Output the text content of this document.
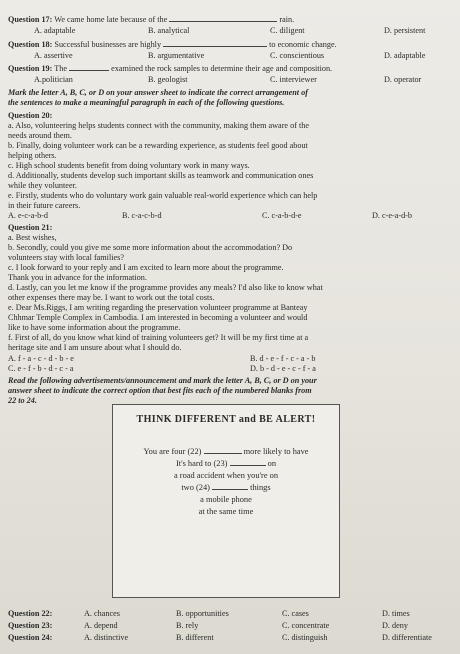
Question 17: We came home late because of the	rain.
A. adaptable	B. analytical	C. diligent	D. persistent
Question 18: Successful businesses are highly	to economic change.
A. assertive	B. argumentative	C. conscientious	D. adaptable
Question 19: The	examined the rock samples to determine their age and composition.
A.politician	B. geologist	C. interviewer	D. operator
Mark the letter A, B, C, or D on your answer sheet to indicate the correct arrangement of
the sentences to make a meaningful paragraph in each of the following questions.
Question 20:
a. Also, volunteering helps students connect with the community, making them aware of the
needs around them.
b. Finally, doing volunteer work can be a rewarding experience, as students feel good about
helping others.
c. High school students benefit from doing voluntary work in many ways.
d. Additionally, students develop such important skills as teamwork and communication ones
while they volunteer.
e. Firstly, students who do voluntary work gain valuable real-world experience which can help
in their future careers.
A. e-c-a-b-d	B. c-a-c-b-d	C. c-a-b-d-e	D. c-e-a-d-b
Question 21:
a. Best wishes,
b. Secondly, could you give me some more information about the accommodation? Do
volunteers stay with local families?
c. I look forward to your reply and I am excited to learn more about the programme.
Thank you in advance for the information.
d. Lastly, can you let me know if the programme provides any meals? I'd also like to know what
other expenses there may be. I want to work out the total costs.
e. Dear Ms.Riggs, I am writing regarding the preservation volunteer programme at Banteay
Chhmar Temple Complex in Cambodia. I am interested in becoming a volunteer and would
like to have some information about the programme.
f. First of all, do you know what kind of training volunteers get? It will be my first time at a
heritage site and I am unsure about what I should do.
A. f - a - c - d - b - e	B. d - e - f - c - a - b
C. e - f - b - d - c - a	D. b - d - e - c - f - a
Read the following advertisements/announcement and mark the letter A, B, C, or D on your
answer sheet to indicate the correct option that best fits each of the numbered blanks from
22 to 24.
THINK DIFFERENT and BE ALERT!
You are four (22)	more likely to have
It's hard to (23)	on
a road accident when you're on
two (24)	things
a mobile phone
at the same time
Question 22:	A. chances	B. opportunities	C. cases	D. times
Question 23:	A. depend	B. rely	C. concentrate	D. deny
Question 24:	A. distinctive	B. different	C. distinguish	D. differentiate
